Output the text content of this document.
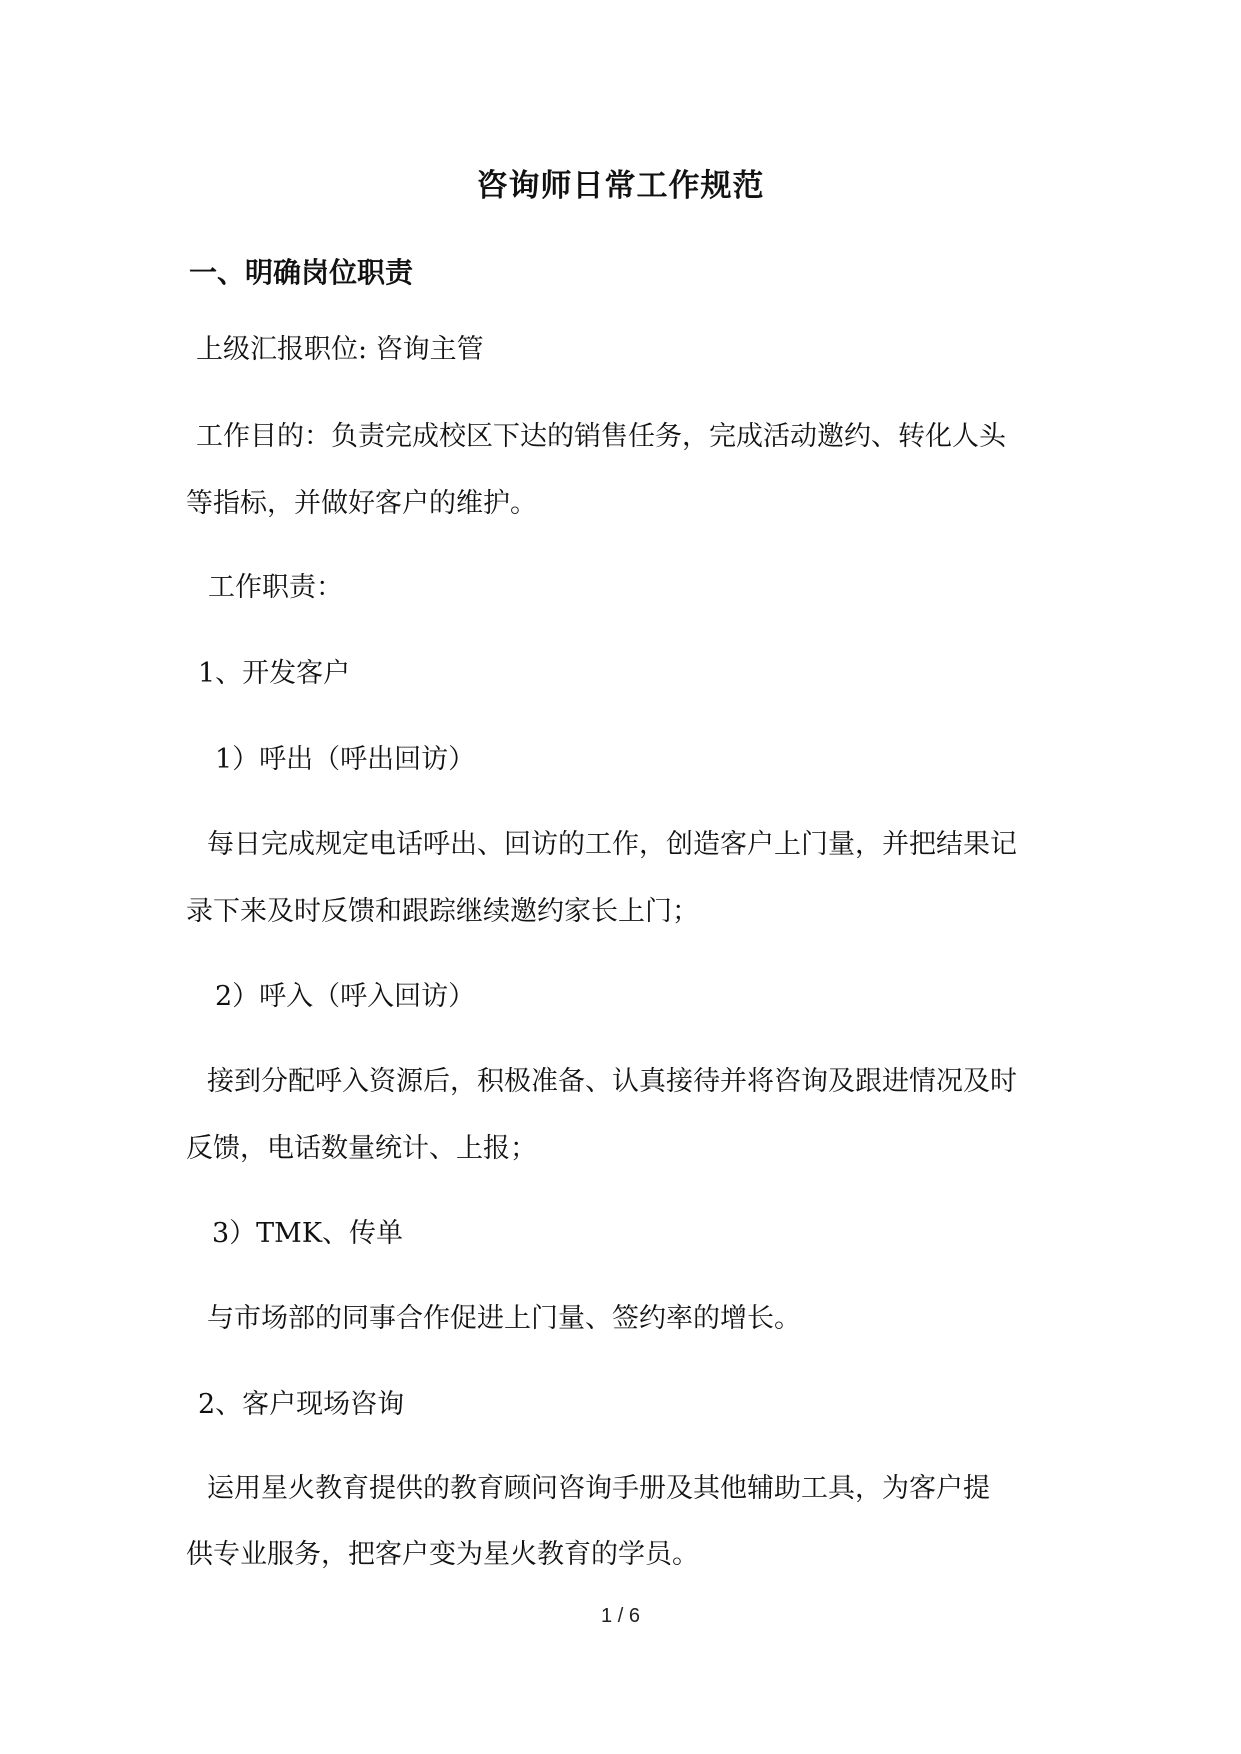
咨询师日常工作规范
一、明确岗位职责
上级汇报职位: 咨询主管
工作目的：负责完成校区下达的销售任务，完成活动邀约、转化人头
等指标，并做好客户的维护。
工作职责：
1、开发客户
1）呼出（呼出回访）
每日完成规定电话呼出、回访的工作，创造客户上门量，并把结果记
录下来及时反馈和跟踪继续邀约家长上门；
2）呼入（呼入回访）
接到分配呼入资源后，积极准备、认真接待并将咨询及跟进情况及时
反馈，电话数量统计、上报；
3）TMK、传单
与市场部的同事合作促进上门量、签约率的增长。
2、客户现场咨询
运用星火教育提供的教育顾问咨询手册及其他辅助工具，为客户提
供专业服务，把客户变为星火教育的学员。
1 / 6
